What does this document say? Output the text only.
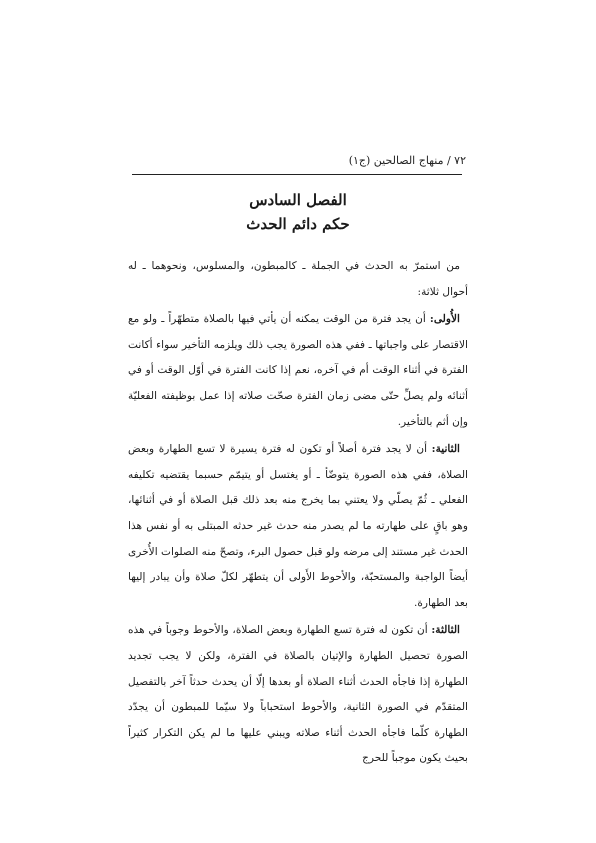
٧٢ / منهاج الصالحين (ج١)
الفصل السادس
حكم دائم الحدث

من استمرّ به الحدث في الجملة ـ كالمبطون، والمسلوس، ونحوهما ـ له أحوال ثلاثة:

الأُولى: أن يجد فترة من الوقت يمكنه أن يأتي فيها بالصلاة متطهّراً ـ ولو مع الاقتصار على واجباتها ـ ففي هذه الصورة يجب ذلك ويلزمه التأخير سواء أكانت الفترة في أثناء الوقت أم في آخره، نعم إذا كانت الفترة في أوّل الوقت أو في أثنائه ولم يصلِّ حتّى مضى زمان الفترة صحّت صلاته إذا عمل بوظيفته الفعليّة وإن أثم بالتأخير.

الثانية: أن لا يجد فترة أصلاً أو تكون له فترة يسيرة لا تسع الطهارة وبعض الصلاة، ففي هذه الصورة يتوضّأ ـ أو يغتسل أو يتيمّم حسبما يقتضيه تكليفه الفعلي ـ ثُمّ يصلّي ولا يعتني بما يخرج منه بعد ذلك قبل الصلاة أو في أثنائها، وهو باقٍ على طهارته ما لم يصدر منه حدث غير حدثه المبتلى به أو نفس هذا الحدث غير مستند إلى مرضه ولو قبل حصول البرء، وتصحّ منه الصلوات الأُخرى أيضاً الواجبة والمستحبّة، والأحوط الأَولى أن يتطهّر لكلّ صلاة وأن يبادر إليها بعد الطهارة.

الثالثة: أن تكون له فترة تسع الطهارة وبعض الصلاة، والأحوط وجوباً في هذه الصورة تحصيل الطهارة والإتيان بالصلاة في الفترة، ولكن لا يجب تجديد الطهارة إذا فاجأه الحدث أثناء الصلاة أو بعدها إلّا أن يحدث حدثاً آخر بالتفصيل المتقدّم في الصورة الثانية، والأحوط استحباباً ولا سيّما للمبطون أن يجدّد الطهارة كلّما فاجأه الحدث أثناء صلاته ويبني عليها ما لم يكن التكرار كثيراً بحيث يكون موجباً للحرج
